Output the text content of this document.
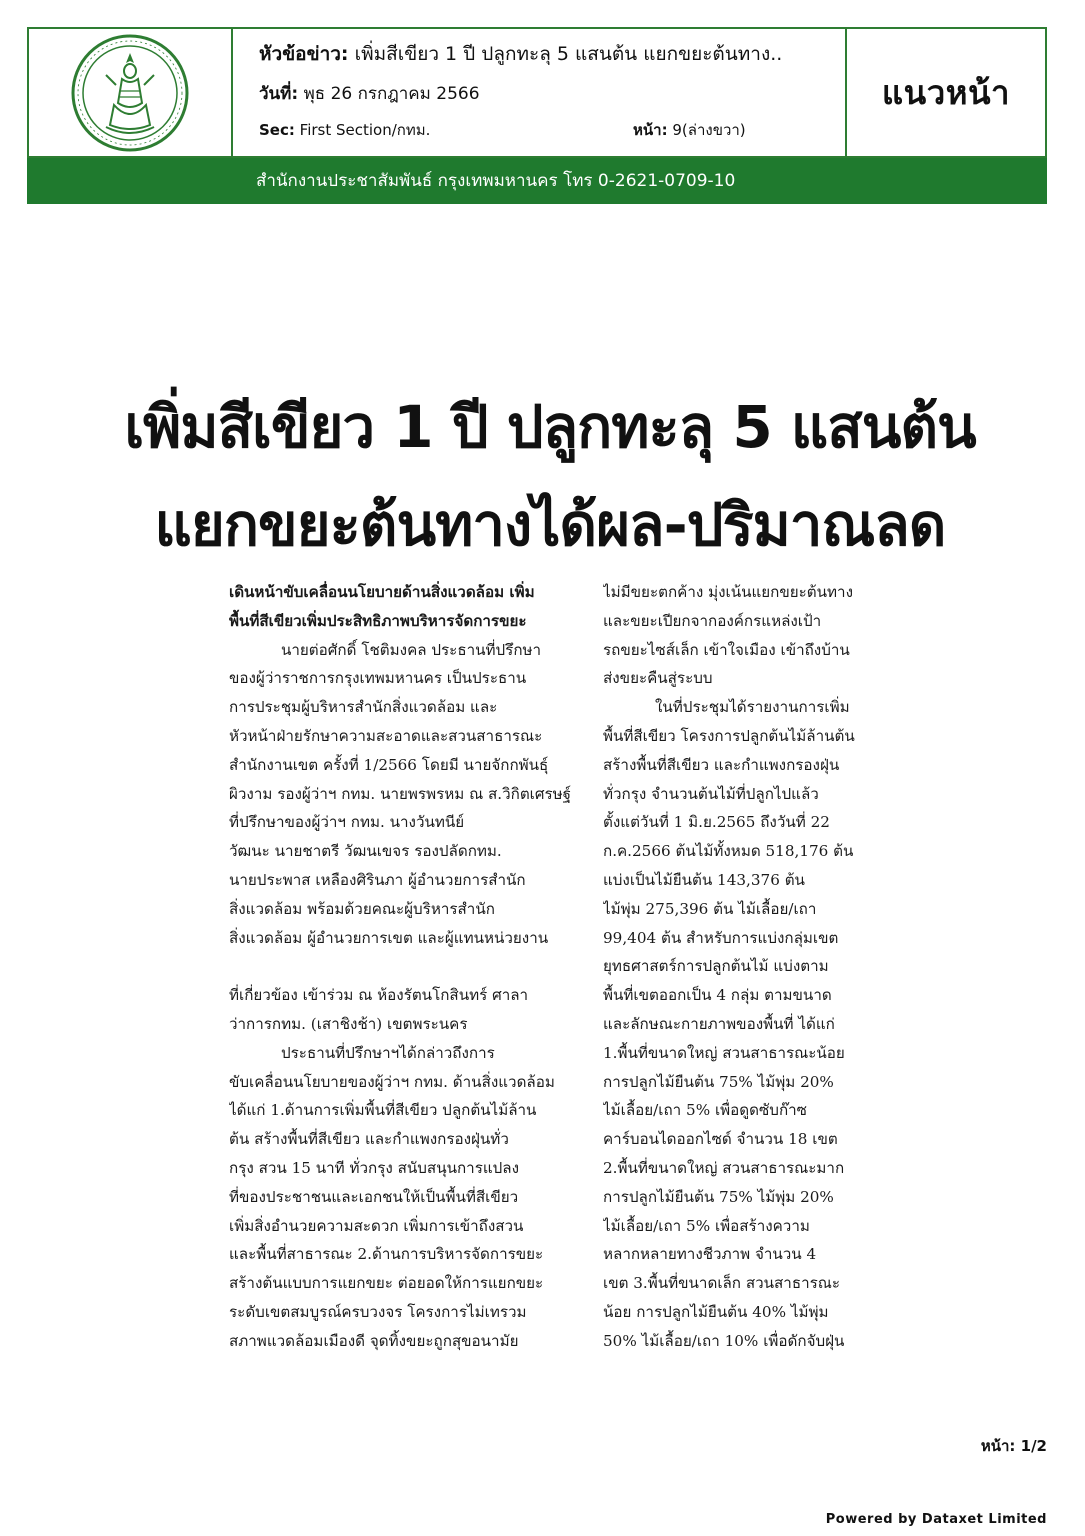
หัวข้อข่าว: เพิ่มสีเขียว 1 ปี ปลูกทะลุ 5 แสนต้น แยกขยะต้นทาง..
วันที่: พุธ 26 กรกฎาคม 2566
Sec: First Section/กทม.	หน้า: 9(ล่างขวา)
แนวหน้า
สำนักงานประชาสัมพันธ์ กรุงเทพมหานคร โทร 0-2621-0709-10
เพิ่มสีเขียว 1 ปี ปลูกทะลุ 5 แสนต้น
แยกขยะต้นทางได้ผล-ปริมาณลด
เดินหน้าขับเคลื่อนนโยบายด้านสิ่งแวดล้อม เพิ่ม
พื้นที่สีเขียวเพิ่มประสิทธิภาพบริหารจัดการขยะ
นายต่อศักดิ์ โชติมงคล ประธานที่ปรึกษา
ของผู้ว่าราชการกรุงเทพมหานคร เป็นประธาน
การประชุมผู้บริหารสำนักสิ่งแวดล้อม และ
หัวหน้าฝ่ายรักษาความสะอาดและสวนสาธารณะ
สำนักงานเขต ครั้งที่ 1/2566 โดยมี นายจักกพันธุ์
ผิวงาม รองผู้ว่าฯ กทม. นายพรพรหม ณ ส.วิกิตเศรษฐ์
ที่ปรึกษาของผู้ว่าฯ กทม. นางวันทนีย์
วัฒนะ นายชาตรี วัฒนเขจร รองปลัดกทม.
นายประพาส เหลืองศิรินภา ผู้อำนวยการสำนัก
สิ่งแวดล้อม พร้อมด้วยคณะผู้บริหารสำนัก
สิ่งแวดล้อม ผู้อำนวยการเขต และผู้แทนหน่วยงาน
ที่เกี่ยวข้อง เข้าร่วม ณ ห้องรัตนโกสินทร์ ศาลา
ว่าการกทม. (เสาชิงช้า) เขตพระนคร
ประธานที่ปรึกษาฯได้กล่าวถึงการ
ขับเคลื่อนนโยบายของผู้ว่าฯ กทม. ด้านสิ่งแวดล้อม
ได้แก่ 1.ด้านการเพิ่มพื้นที่สีเขียว ปลูกต้นไม้ล้าน
ต้น สร้างพื้นที่สีเขียว และกำแพงกรองฝุ่นทั่ว
กรุง สวน 15 นาที ทั่วกรุง สนับสนุนการแปลง
ที่ของประชาชนและเอกชนให้เป็นพื้นที่สีเขียว
เพิ่มสิ่งอำนวยความสะดวก เพิ่มการเข้าถึงสวน
และพื้นที่สาธารณะ 2.ด้านการบริหารจัดการขยะ
สร้างต้นแบบการแยกขยะ ต่อยอดให้การแยกขยะ
ระดับเขตสมบูรณ์ครบวงจร โครงการไม่เทรวม
สภาพแวดล้อมเมืองดี จุดทิ้งขยะถูกสุขอนามัย
ไม่มีขยะตกค้าง มุ่งเน้นแยกขยะต้นทาง
และขยะเปียกจากองค์กรแหล่งเป้า
รถขยะไซส์เล็ก เข้าใจเมือง เข้าถึงบ้าน
ส่งขยะคืนสู่ระบบ
ในที่ประชุมได้รายงานการเพิ่ม
พื้นที่สีเขียว โครงการปลูกต้นไม้ล้านต้น
สร้างพื้นที่สีเขียว และกำแพงกรองฝุ่น
ทั่วกรุง จำนวนต้นไม้ที่ปลูกไปแล้ว
ตั้งแต่วันที่ 1 มิ.ย.2565 ถึงวันที่ 22
ก.ค.2566 ต้นไม้ทั้งหมด 518,176 ต้น
แบ่งเป็นไม้ยืนต้น 143,376 ต้น
ไม้พุ่ม 275,396 ต้น ไม้เลื้อย/เถา
99,404 ต้น สำหรับการแบ่งกลุ่มเขต
ยุทธศาสตร์การปลูกต้นไม้ แบ่งตาม
พื้นที่เขตออกเป็น 4 กลุ่ม ตามขนาด
และลักษณะกายภาพของพื้นที่ ได้แก่
1.พื้นที่ขนาดใหญ่ สวนสาธารณะน้อย
การปลูกไม้ยืนต้น 75% ไม้พุ่ม 20%
ไม้เลื้อย/เถา 5% เพื่อดูดซับก๊าซ
คาร์บอนไดออกไซด์ จำนวน 18 เขต
2.พื้นที่ขนาดใหญ่ สวนสาธารณะมาก
การปลูกไม้ยืนต้น 75% ไม้พุ่ม 20%
ไม้เลื้อย/เถา 5% เพื่อสร้างความ
หลากหลายทางชีวภาพ จำนวน 4
เขต 3.พื้นที่ขนาดเล็ก สวนสาธารณะ
น้อย การปลูกไม้ยืนต้น 40% ไม้พุ่ม
50% ไม้เลื้อย/เถา 10% เพื่อดักจับฝุ่น
หน้า: 1/2
Powered by Dataxet Limited
